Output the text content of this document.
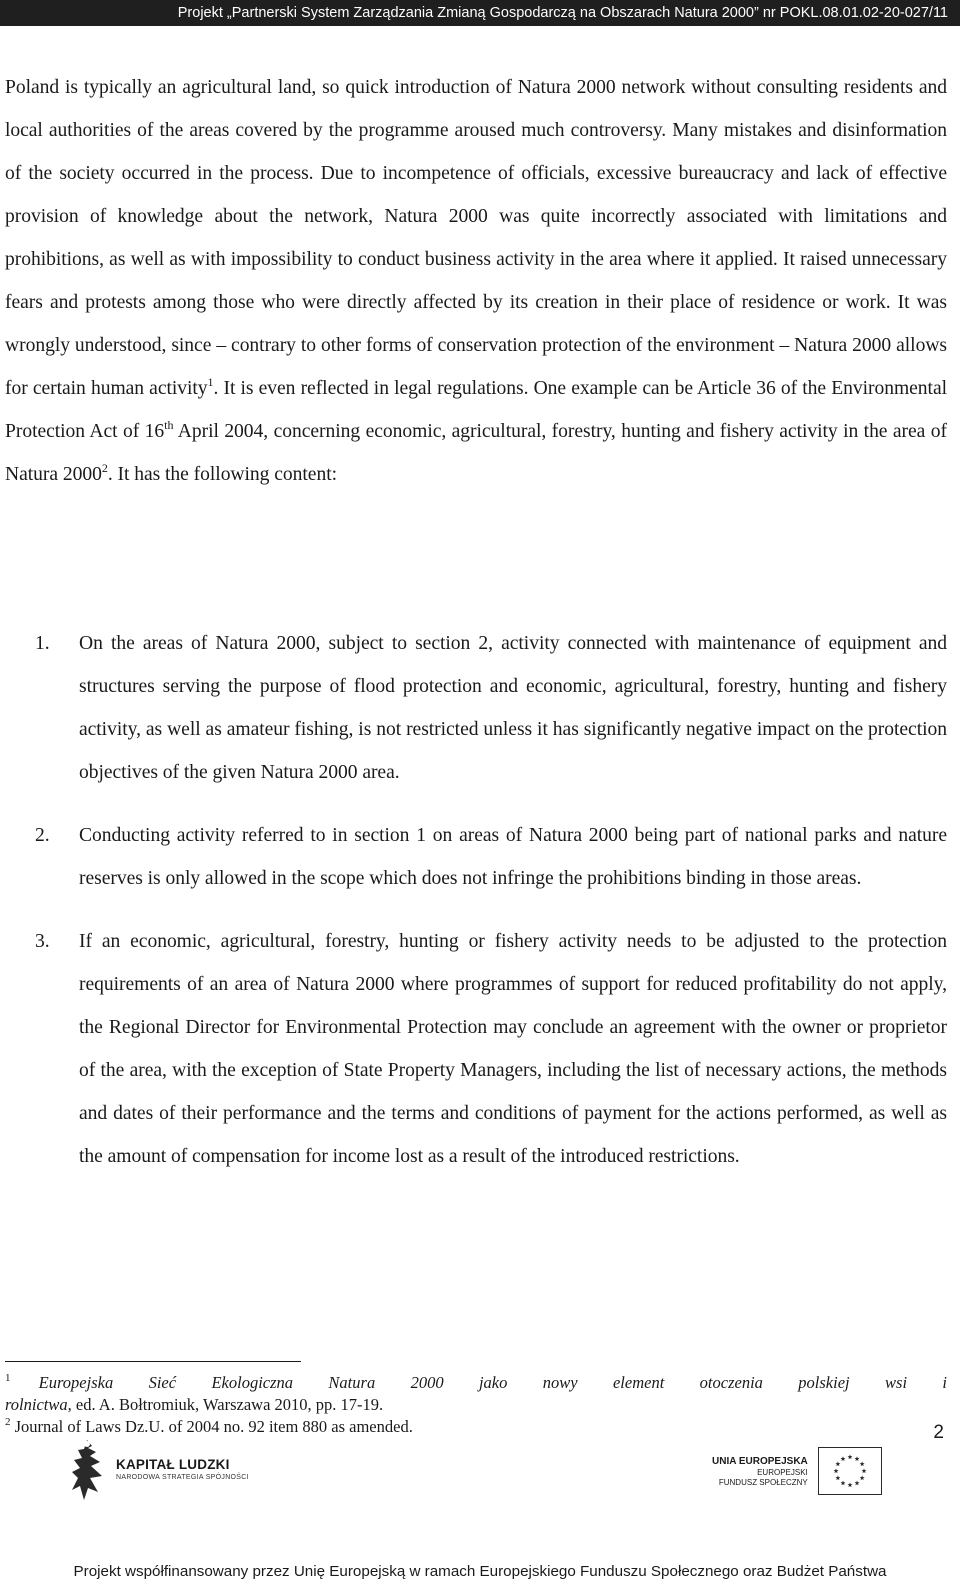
Projekt „Partnerski System Zarządzania Zmianą Gospodarczą na Obszarach Natura 2000” nr POKL.08.01.02-20-027/11

Poland is typically an agricultural land, so quick introduction of Natura 2000 network without consulting residents and local authorities of the areas covered by the programme aroused much controversy. Many mistakes and disinformation of the society occurred in the process. Due to incompetence of officials, excessive bureaucracy and lack of effective provision of knowledge about the network, Natura 2000 was quite incorrectly associated with limitations and prohibitions, as well as with impossibility to conduct business activity in the area where it applied. It raised unnecessary fears and protests among those who were directly affected by its creation in their place of residence or work. It was wrongly understood, since – contrary to other forms of conservation protection of the environment – Natura 2000 allows for certain human activity$^1$. It is even reflected in legal regulations. One example can be Article 36 of the Environmental Protection Act of 16th April 2004, concerning economic, agricultural, forestry, hunting and fishery activity in the area of Natura 2000$^2$. It has the following content:

1. On the areas of Natura 2000, subject to section 2, activity connected with maintenance of equipment and structures serving the purpose of flood protection and economic, agricultural, forestry, hunting and fishery activity, as well as amateur fishing, is not restricted unless it has significantly negative impact on the protection objectives of the given Natura 2000 area.
2. Conducting activity referred to in section 1 on areas of Natura 2000 being part of national parks and nature reserves is only allowed in the scope which does not infringe the prohibitions binding in those areas.
3. If an economic, agricultural, forestry, hunting or fishery activity needs to be adjusted to the protection requirements of an area of Natura 2000 where programmes of support for reduced profitability do not apply, the Regional Director for Environmental Protection may conclude an agreement with the owner or proprietor of the area, with the exception of State Property Managers, including the list of necessary actions, the methods and dates of their performance and the terms and conditions of payment for the actions performed, as well as the amount of compensation for income lost as a result of the introduced restrictions.

$^1$ Europejska Sieć Ekologiczna Natura 2000 jako nowy element otoczenia polskiej wsi i rolnictwa, ed. A. Bołtromiuk, Warszawa 2010, pp. 17-19.

$^2$ Journal of Laws Dz.U. of 2004 no. 92 item 880 as amended.	2
KAPITAŁ LUDZKI
NARODOWA STRATEGIA SPÓJNOŚCI
UNIA EUROPEJSKA
EUROPEJSKI
FUNDUSZ SPOŁECZNY
Projekt współfinansowany przez Unię Europejską w ramach Europejskiego Funduszu Społecznego oraz Budżet Państwa
